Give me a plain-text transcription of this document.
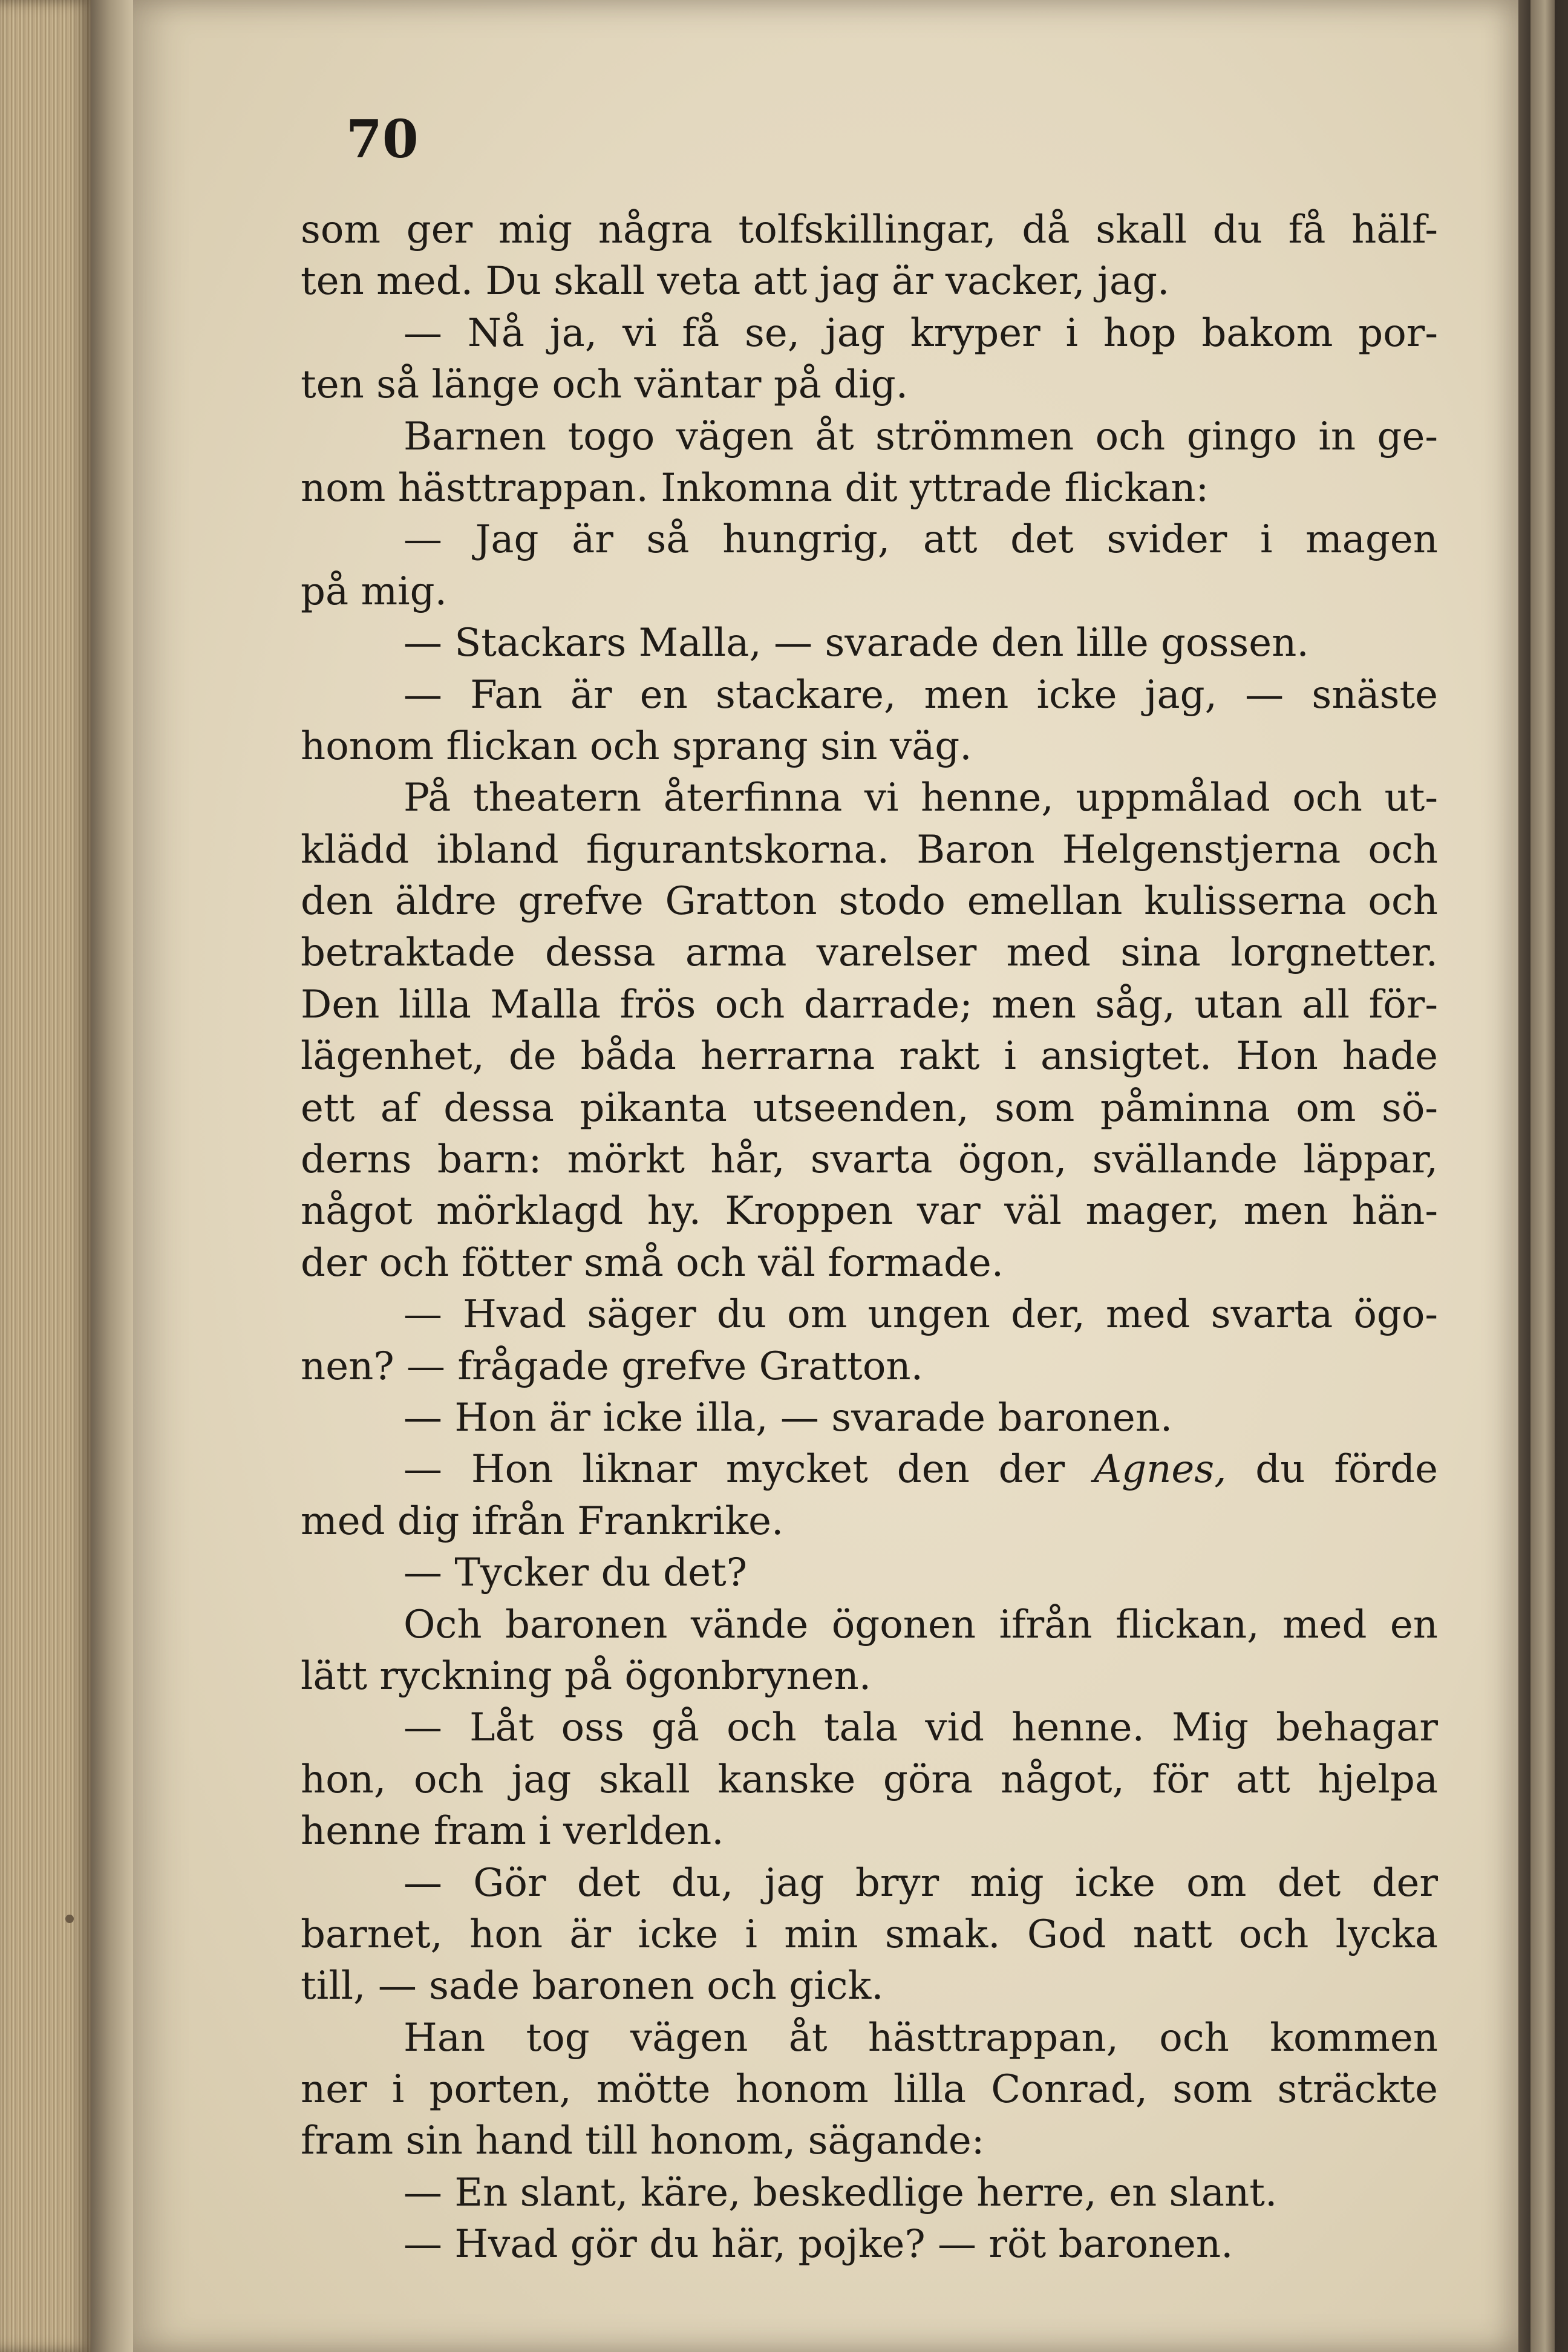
70

som ger mig några tolfskillingar, då skall du få hälf-
ten med. Du skall veta att jag är vacker, jag.
— Nå ja, vi få se, jag kryper i hop bakom por-
ten så länge och väntar på dig.
Barnen togo vägen åt strömmen och gingo in ge-
nom hästtrappan. Inkomna dit yttrade flickan:
— Jag är så hungrig, att det svider i magen
på mig.
— Stackars Malla, — svarade den lille gossen.
— Fan är en stackare, men icke jag, — snäste
honom flickan och sprang sin väg.
På theatern återfinna vi henne, uppmålad och ut-
klädd ibland figurantskorna. Baron Helgenstjerna och
den äldre grefve Gratton stodo emellan kulisserna och
betraktade dessa arma varelser med sina lorgnetter.
Den lilla Malla frös och darrade; men såg, utan all för-
lägenhet, de båda herrarna rakt i ansigtet. Hon hade
ett af dessa pikanta utseenden, som påminna om sö-
derns barn: mörkt hår, svarta ögon, svällande läppar,
något mörklagd hy. Kroppen var väl mager, men hän-
der och fötter små och väl formade.
— Hvad säger du om ungen der, med svarta ögo-
nen? — frågade grefve Gratton.
— Hon är icke illa, — svarade baronen.
— Hon liknar mycket den der Agnes, du förde
med dig ifrån Frankrike.
— Tycker du det?
Och baronen vände ögonen ifrån flickan, med en
lätt ryckning på ögonbrynen.
— Låt oss gå och tala vid henne. Mig behagar
hon, och jag skall kanske göra något, för att hjelpa
henne fram i verlden.
— Gör det du, jag bryr mig icke om det der
barnet, hon är icke i min smak. God natt och lycka
till, — sade baronen och gick.
Han tog vägen åt hästtrappan, och kommen
ner i porten, mötte honom lilla Conrad, som sträckte
fram sin hand till honom, sägande:
— En slant, käre, beskedlige herre, en slant.
— Hvad gör du här, pojke? — röt baronen.
